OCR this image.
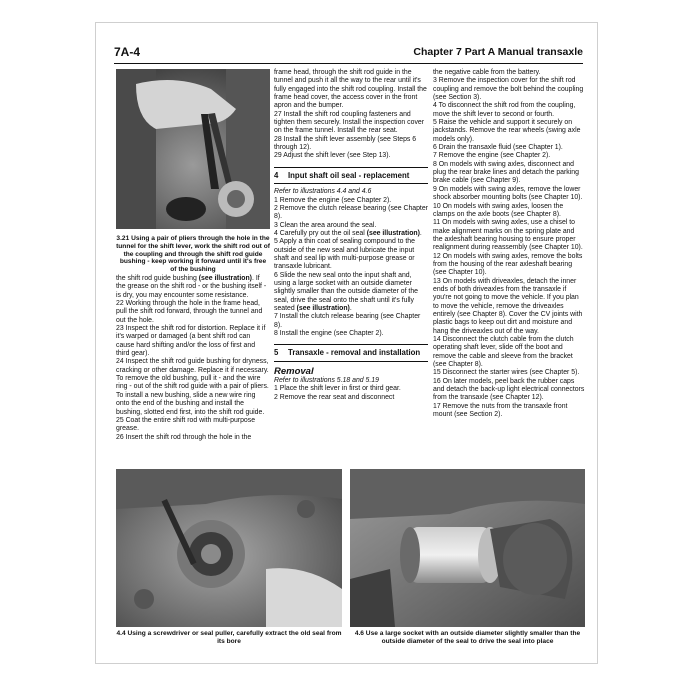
7A-4	Chapter 7 Part A Manual transaxle
3.21 Using a pair of pliers through the hole in the tunnel for the shift lever, work the shift rod out of the coupling and through the shift rod guide bushing - keep working it forward until it's free of the bushing

the shift rod guide bushing (see illustration). If the grease on the shift rod - or the bushing itself - is dry, you may encounter some resistance.

22 Working through the hole in the frame head, pull the shift rod forward, through the tunnel and out the hole.

23 Inspect the shift rod for distortion. Replace it if it's warped or damaged (a bent shift rod can cause hard shifting and/or the loss of first and third gear).

24 Inspect the shift rod guide bushing for dryness, cracking or other damage. Replace it if necessary. To remove the old bushing, pull it - and the wire ring - out of the shift rod guide with a pair of pliers. To install a new bushing, slide a new wire ring onto the end of the bushing and install the bushing, slotted end first, into the shift rod guide.

25 Coat the entire shift rod with multi-purpose grease.

26 Insert the shift rod through the hole in the

frame head, through the shift rod guide in the tunnel and push it all the way to the rear until it's fully engaged into the shift rod coupling. Install the frame head cover, the access cover in the front apron and the bumper.

27 Install the shift rod coupling fasteners and tighten them securely. Install the inspection cover on the frame tunnel. Install the rear seat.

28 Install the shift lever assembly (see Steps 6 through 12).

29 Adjust the shift lever (see Step 13).

4	Input shaft oil seal - replacement

Refer to illustrations 4.4 and 4.6

1 Remove the engine (see Chapter 2).

2 Remove the clutch release bearing (see Chapter 8).

3 Clean the area around the seal.

4 Carefully pry out the oil seal (see illustration).

5 Apply a thin coat of sealing compound to the outside of the new seal and lubricate the input shaft and seal lip with multi-purpose grease or transaxle lubricant.

6 Slide the new seal onto the input shaft and, using a large socket with an outside diameter slightly smaller than the outside diameter of the seal, drive the seal onto the shaft until it's fully seated (see illustration).

7 Install the clutch release bearing (see Chapter 8).

8 Install the engine (see Chapter 2).

5	Transaxle - removal and installation

Removal

Refer to illustrations 5.18 and 5.19

1 Place the shift lever in first or third gear.

2 Remove the rear seat and disconnect

the negative cable from the battery.

3 Remove the inspection cover for the shift rod coupling and remove the bolt behind the coupling (see Section 3).

4 To disconnect the shift rod from the coupling, move the shift lever to second or fourth.

5 Raise the vehicle and support it securely on jackstands. Remove the rear wheels (swing axle models only).

6 Drain the transaxle fluid (see Chapter 1).

7 Remove the engine (see Chapter 2).

8 On models with swing axles, disconnect and plug the rear brake lines and detach the parking brake cable (see Chapter 9).

9 On models with swing axles, remove the lower shock absorber mounting bolts (see Chapter 10).

10 On models with swing axles, loosen the clamps on the axle boots (see Chapter 8).

11 On models with swing axles, use a chisel to make alignment marks on the spring plate and the axleshaft bearing housing to ensure proper realignment during reassembly (see Chapter 10).

12 On models with swing axles, remove the bolts from the housing of the rear axleshaft bearing (see Chapter 10).

13 On models with driveaxles, detach the inner ends of both driveaxles from the transaxle if you're not going to move the vehicle. If you plan to move the vehicle, remove the driveaxles entirely (see Chapter 8). Cover the CV joints with plastic bags to keep out dirt and moisture and hang the driveaxles out of the way.

14 Disconnect the clutch cable from the clutch operating shaft lever, slide off the boot and remove the cable and sleeve from the bracket (see Chapter 8).

15 Disconnect the starter wires (see Chapter 5).

16 On later models, peel back the rubber caps and detach the back-up light electrical connectors from the transaxle (see Chapter 12).

17 Remove the nuts from the transaxle front mount (see Section 2).

4.4 Using a screwdriver or seal puller, carefully extract the old seal from its bore
4.6 Use a large socket with an outside diameter slightly smaller than the outside diameter of the seal to drive the seal into place
